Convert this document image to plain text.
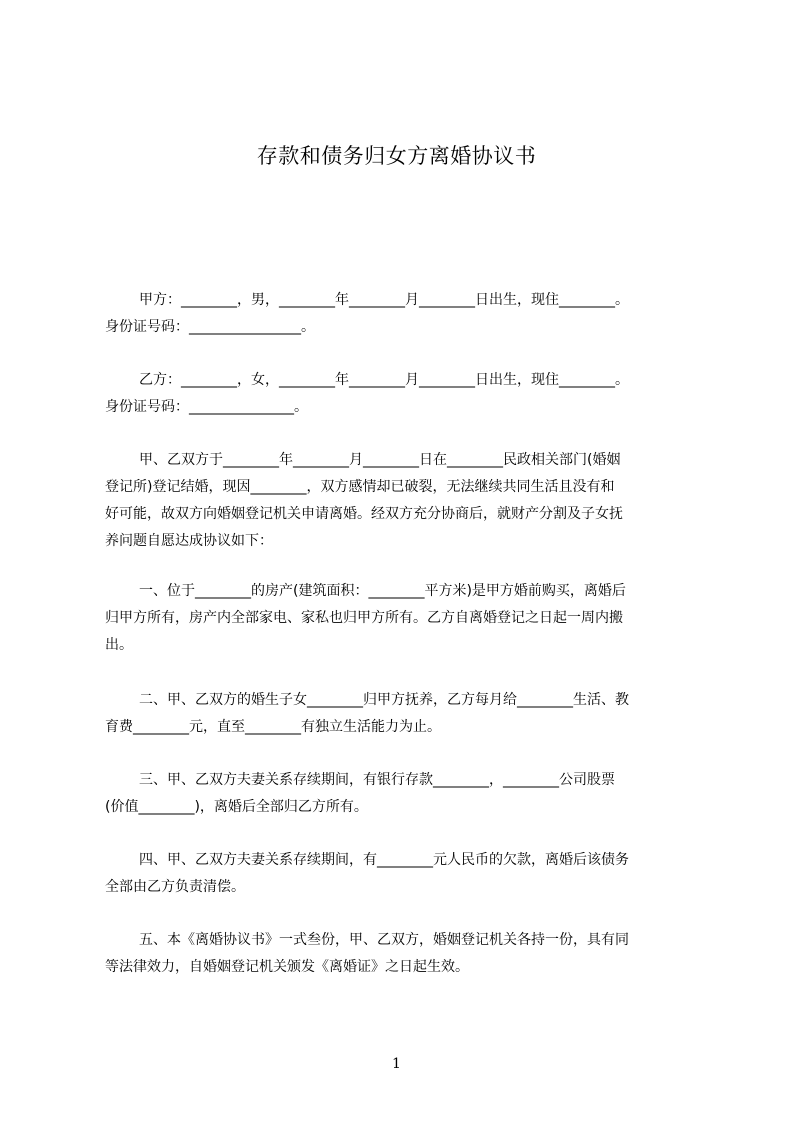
存款和债务归女方离婚协议书
甲方：________，男，________年________月________日出生，现住________。
身份证号码：________________。
乙方：________，女，________年________月________日出生，现住________。
身份证号码：_______________。
甲、乙双方于________年________月________日在________民政相关部门(婚姻
登记所)登记结婚，现因________，双方感情却已破裂，无法继续共同生活且没有和
好可能，故双方向婚姻登记机关申请离婚。经双方充分协商后，就财产分割及子女抚
养问题自愿达成协议如下：
一、位于________的房产(建筑面积：________平方米)是甲方婚前购买，离婚后
归甲方所有，房产内全部家电、家私也归甲方所有。乙方自离婚登记之日起一周内搬
出。
二、甲、乙双方的婚生子女________归甲方抚养，乙方每月给________生活、教
育费________元，直至________有独立生活能力为止。
三、甲、乙双方夫妻关系存续期间，有银行存款________，________公司股票
(价值________)，离婚后全部归乙方所有。
四、甲、乙双方夫妻关系存续期间，有________元人民币的欠款，离婚后该债务
全部由乙方负责清偿。
五、本《离婚协议书》一式叁份，甲、乙双方，婚姻登记机关各持一份，具有同
等法律效力，自婚姻登记机关颁发《离婚证》之日起生效。
1
